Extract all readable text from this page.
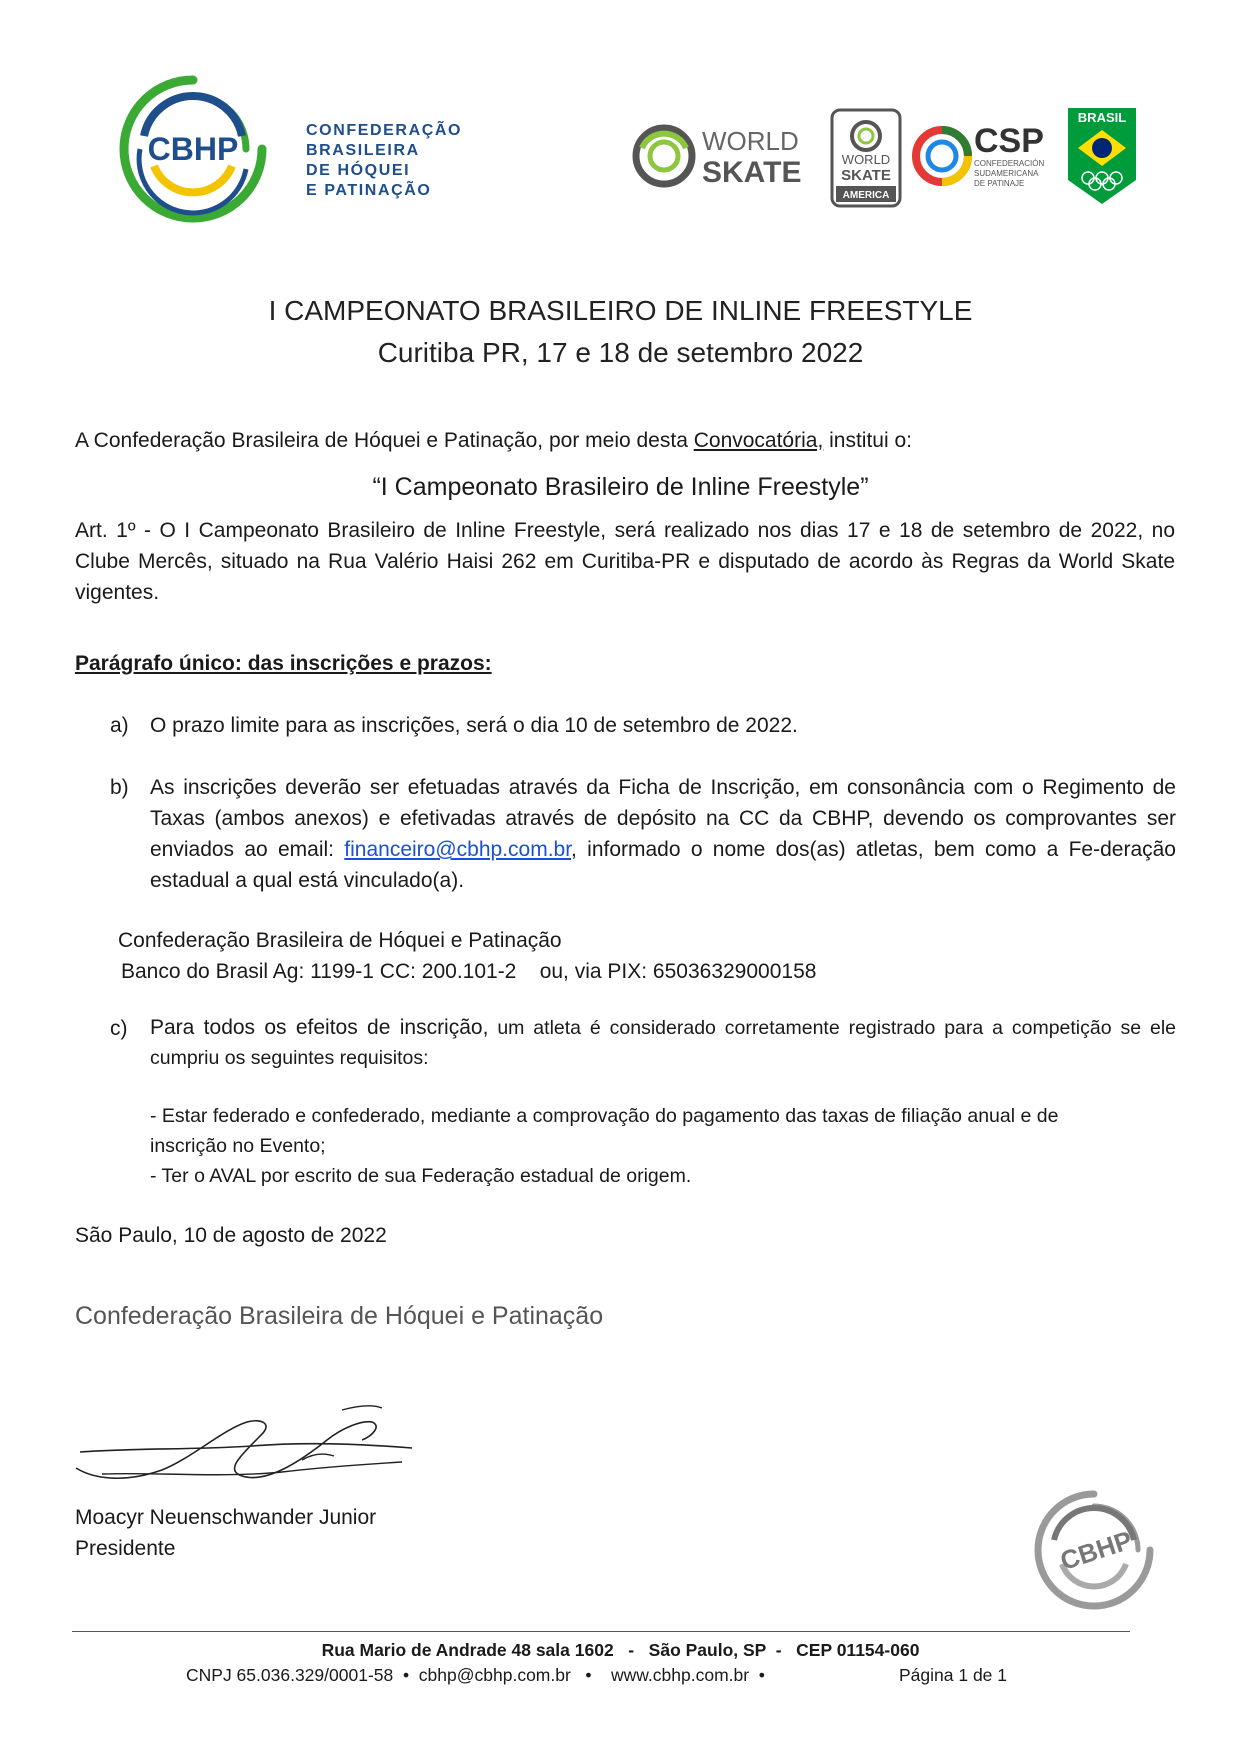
CBHP
CONFEDERAÇÃO
BRASILEIRA
DE HÓQUEI
E PATINAÇÃO
WORLD
SKATE	WORLD
SKATE
AMERICA
CSP
CONFEDERACIÓN
SUDAMERICANA
DE PATINAJE
BRASIL
I CAMPEONATO BRASILEIRO DE INLINE FREESTYLE
Curitiba PR, 17 e 18 de setembro 2022
A Confederação Brasileira de Hóquei e Patinação, por meio desta Convocatória, institui o:
“I Campeonato Brasileiro de Inline Freestyle”
Art. 1º - O I Campeonato Brasileiro de Inline Freestyle, será realizado nos dias 17 e 18 de setembro de 2022, no Clube Mercês, situado na Rua Valério Haisi 262 em Curitiba-PR e disputado de acordo às Regras da World Skate vigentes.
Parágrafo único: das inscrições e prazos:
a)	O prazo limite para as inscrições, será o dia 10 de setembro de 2022.
b)	As inscrições deverão ser efetuadas através da Ficha de Inscrição, em consonância com o Regimento de Taxas (ambos anexos) e efetivadas através de depósito na CC da CBHP, devendo os comprovantes ser enviados ao email: financeiro@cbhp.com.br, informado o nome dos(as) atletas, bem como a Fe-deração estadual a qual está vinculado(a).
Confederação Brasileira de Hóquei e Patinação
Banco do Brasil Ag: 1199-1 CC: 200.101-2    ou, via PIX: 65036329000158
c)	Para todos os efeitos de inscrição, um atleta é considerado corretamente registrado para a competição se ele cumpriu os seguintes requisitos:
- Estar federado e confederado, mediante a comprovação do pagamento das taxas de filiação anual e de inscrição no Evento;
- Ter o AVAL por escrito de sua Federação estadual de origem.
São Paulo, 10 de agosto de 2022
Confederação Brasileira de Hóquei e Patinação
Moacyr Neuenschwander Junior
Presidente	CBHP
Rua Mario de Andrade 48 sala 1602   -   São Paulo, SP  -   CEP 01154-060
CNPJ 65.036.329/0001-58  •  cbhp@cbhp.com.br   •    www.cbhp.com.br  •	Página 1 de 1
